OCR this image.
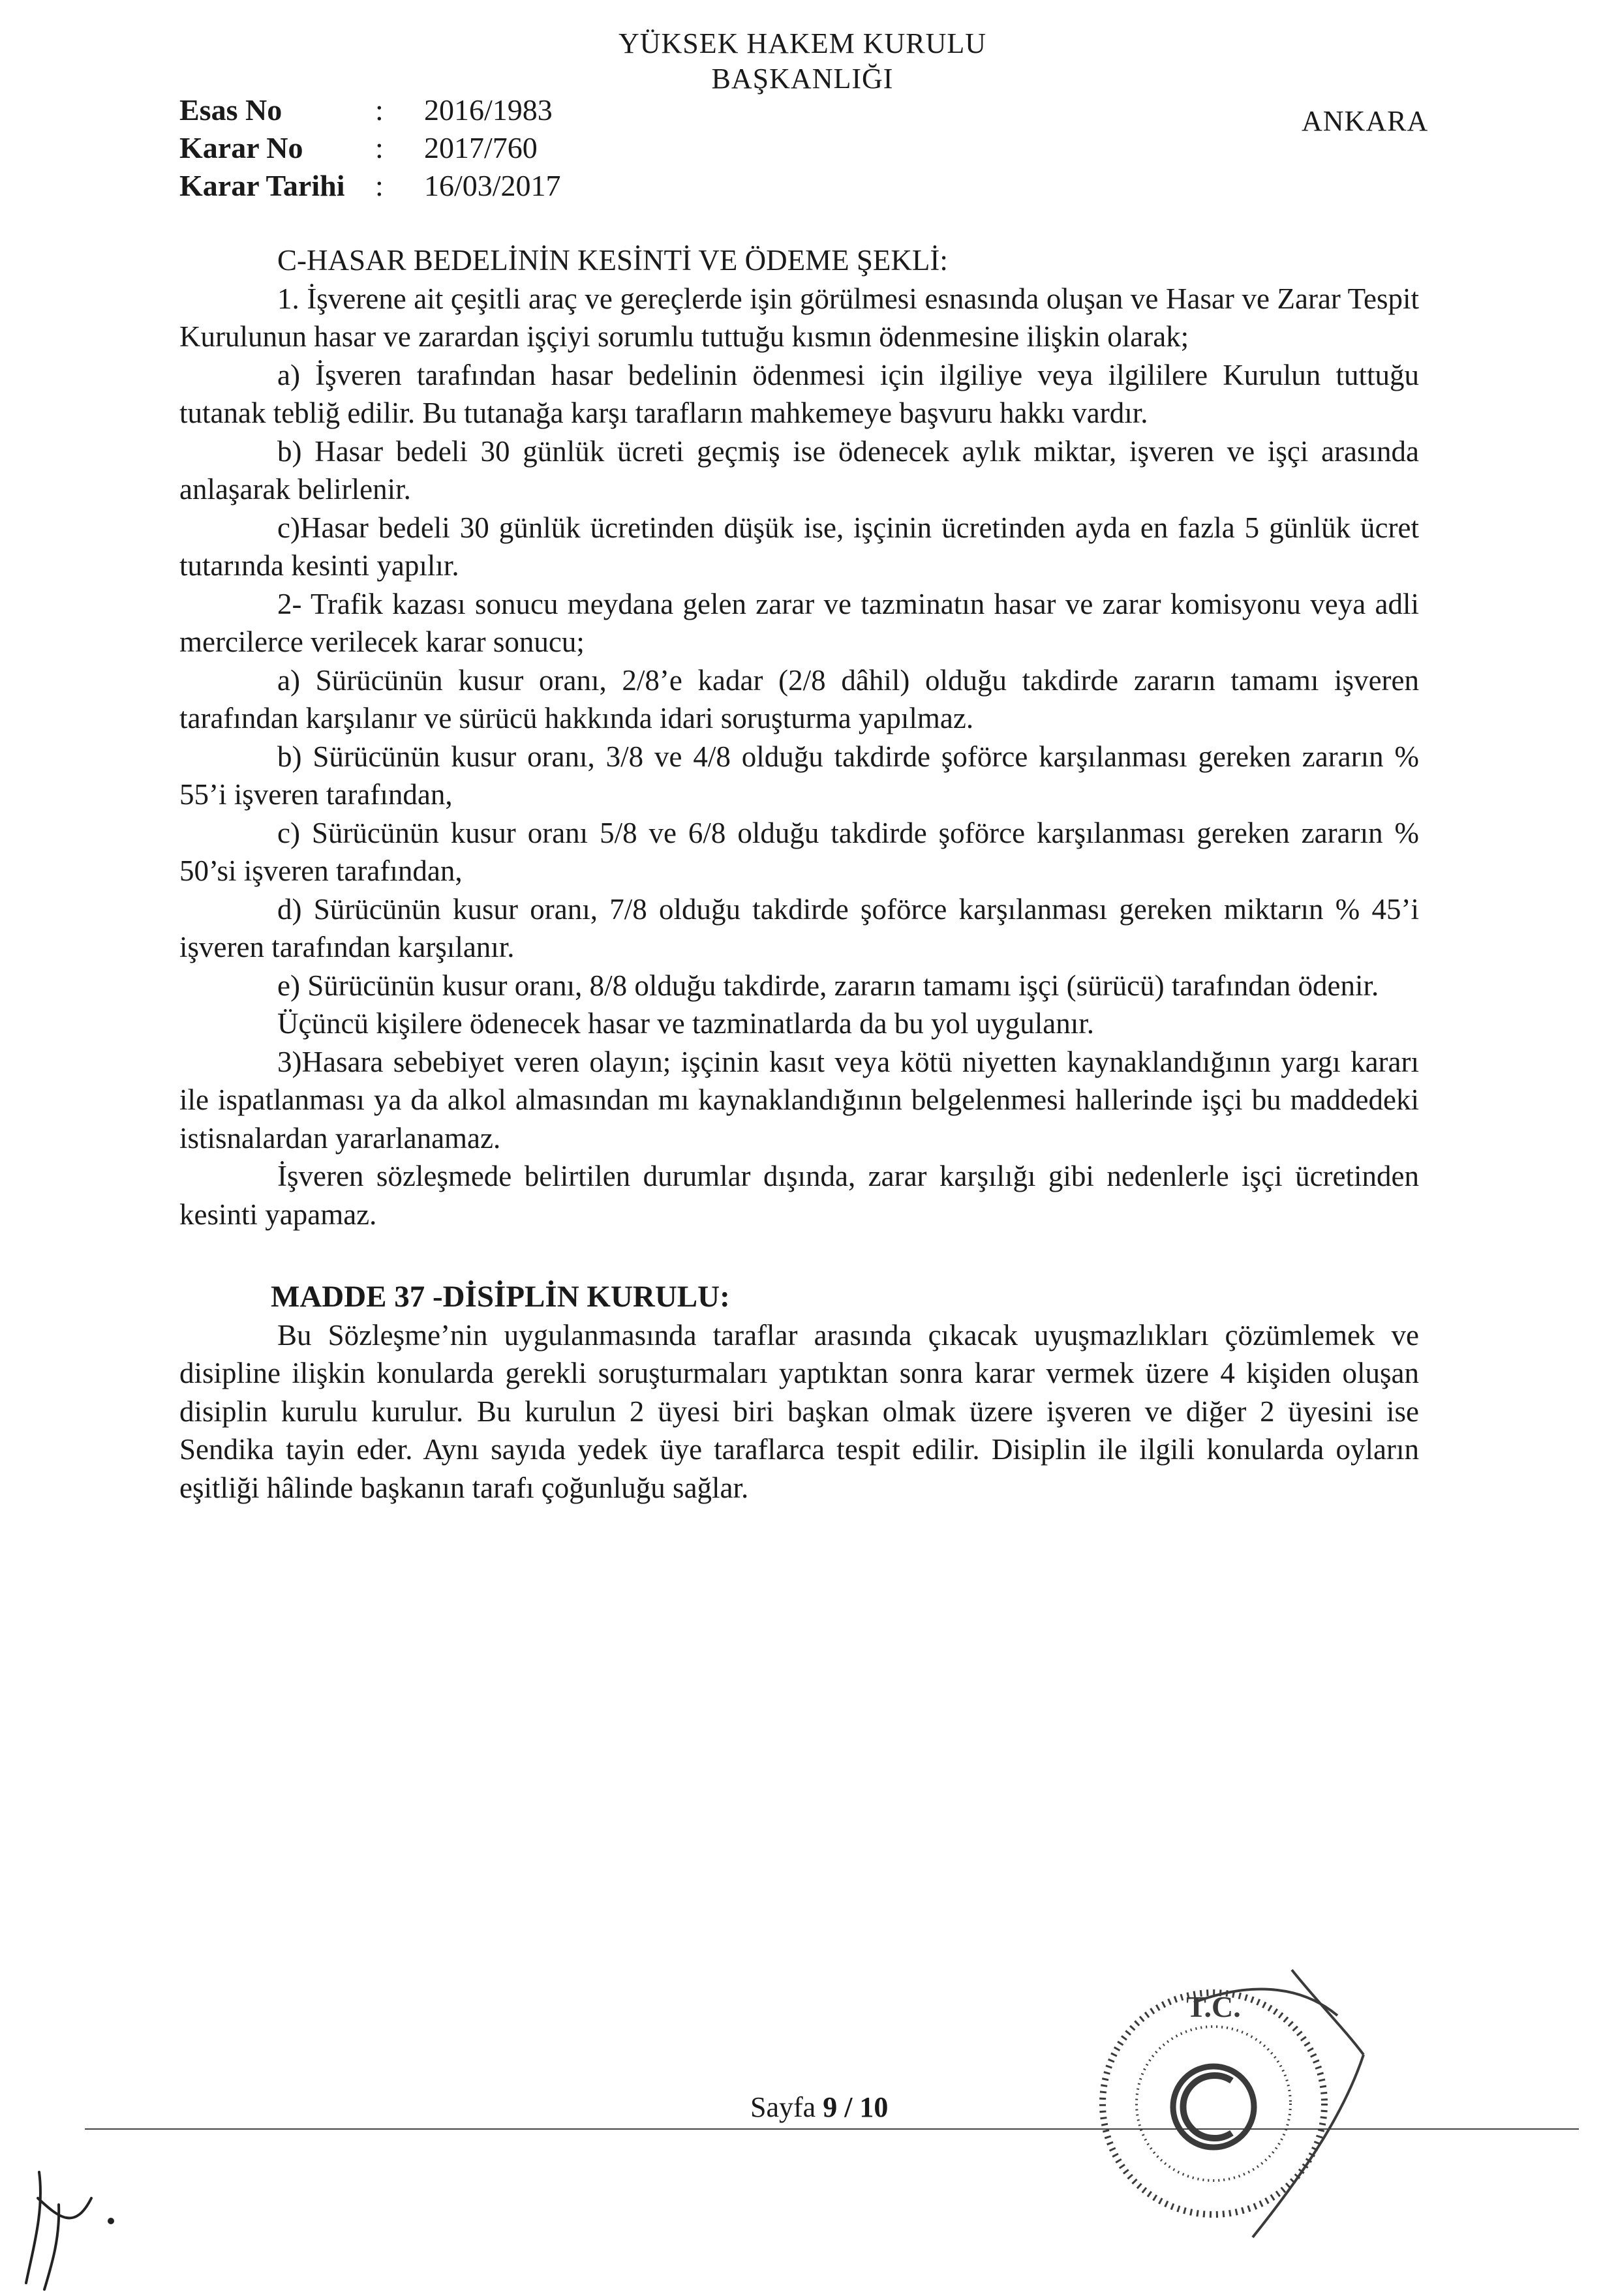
YÜKSEK HAKEM KURULU
BAŞKANLIĞI
Esas No	:	2016/1983
Karar No	:	2017/760
Karar Tarihi	:	16/03/2017
ANKARA

C-HASAR BEDELİNİN KESİNTİ VE ÖDEME ŞEKLİ:

1. İşverene ait çeşitli araç ve gereçlerde işin görülmesi esnasında oluşan ve Hasar ve Zarar Tespit Kurulunun hasar ve zarardan işçiyi sorumlu tuttuğu kısmın ödenmesine ilişkin olarak;

a) İşveren tarafından hasar bedelinin ödenmesi için ilgiliye veya ilgililere Kurulun tuttuğu tutanak tebliğ edilir. Bu tutanağa karşı tarafların mahkemeye başvuru hakkı vardır.

b) Hasar bedeli 30 günlük ücreti geçmiş ise ödenecek aylık miktar, işveren ve işçi arasında anlaşarak belirlenir.

c)Hasar bedeli 30 günlük ücretinden düşük ise, işçinin ücretinden ayda en fazla 5 günlük ücret tutarında kesinti yapılır.

2- Trafik kazası sonucu meydana gelen zarar ve tazminatın hasar ve zarar komisyonu veya adli mercilerce verilecek karar sonucu;

a) Sürücünün kusur oranı, 2/8’e kadar (2/8 dâhil) olduğu takdirde zararın tamamı işveren tarafından karşılanır ve sürücü hakkında idari soruşturma yapılmaz.

b) Sürücünün kusur oranı, 3/8 ve 4/8 olduğu takdirde şoförce karşılanması gereken zararın % 55’i işveren tarafından,

c) Sürücünün kusur oranı 5/8 ve 6/8 olduğu takdirde şoförce karşılanması gereken zararın % 50’si işveren tarafından,

d) Sürücünün kusur oranı, 7/8 olduğu takdirde şoförce karşılanması gereken miktarın % 45’i işveren tarafından karşılanır.

e) Sürücünün kusur oranı, 8/8 olduğu takdirde, zararın tamamı işçi (sürücü) tarafından ödenir.

Üçüncü kişilere ödenecek hasar ve tazminatlarda da bu yol uygulanır.

3)Hasara sebebiyet veren olayın; işçinin kasıt veya kötü niyetten kaynaklandığının yargı kararı ile ispatlanması ya da alkol almasından mı kaynaklandığının belgelenmesi hallerinde işçi bu maddedeki istisnalardan yararlanamaz.

İşveren sözleşmede belirtilen durumlar dışında, zarar karşılığı gibi nedenlerle işçi ücretinden kesinti yapamaz.

MADDE 37 -DİSİPLİN KURULU:

Bu Sözleşme’nin uygulanmasında taraflar arasında çıkacak uyuşmazlıkları çözümlemek ve disipline ilişkin konularda gerekli soruşturmaları yaptıktan sonra karar vermek üzere 4 kişiden oluşan disiplin kurulu kurulur. Bu kurulun 2 üyesi biri başkan olmak üzere işveren ve diğer 2 üyesini ise Sendika tayin eder. Aynı sayıda yedek üye taraflarca tespit edilir. Disiplin ile ilgili konularda oyların eşitliği hâlinde başkanın tarafı çoğunluğu sağlar.

T.C.
Sayfa 9 / 10
